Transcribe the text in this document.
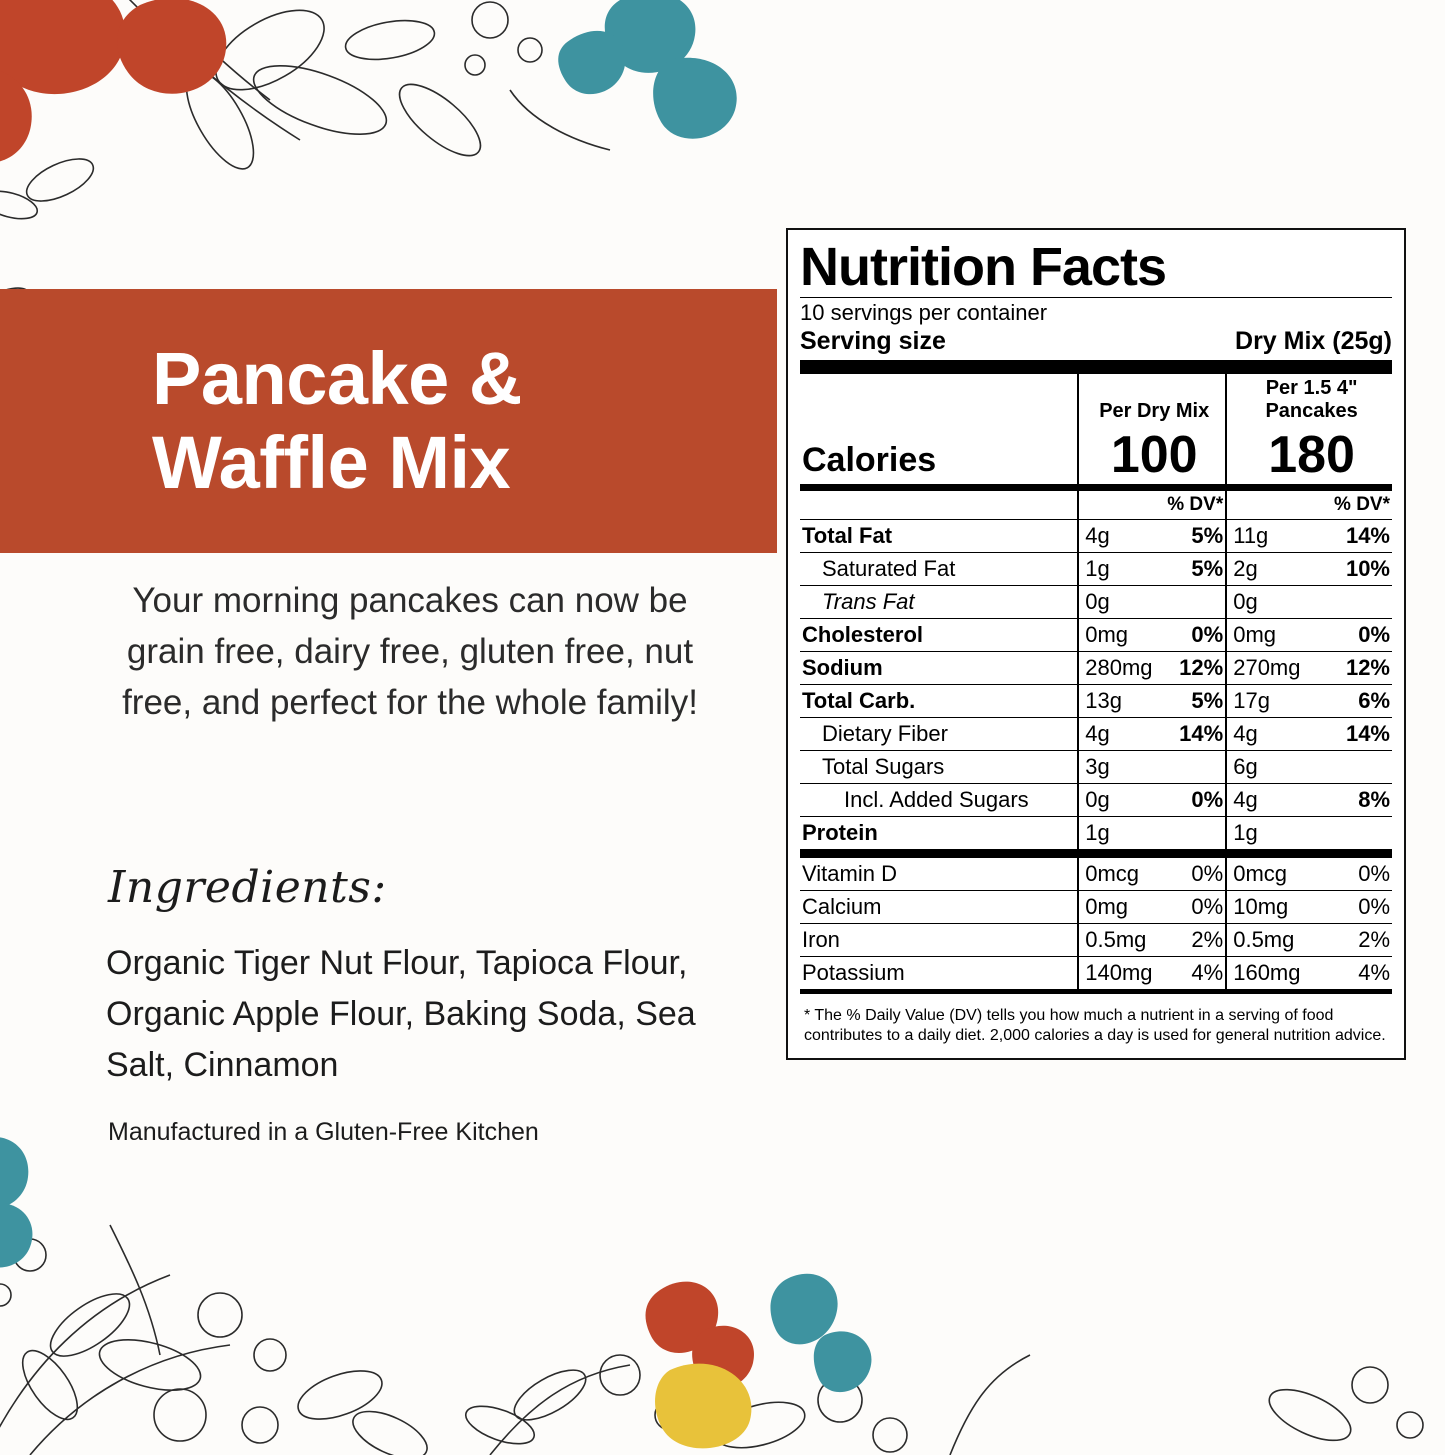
Pancake &
Waffle Mix
Your morning pancakes can now be grain free, dairy free, gluten free, nut free, and perfect for the whole family!
Ingredients:
Organic Tiger Nut Flour, Tapioca Flour, Organic Apple Flour, Baking Soda, Sea Salt, Cinnamon
Manufactured in a Gluten-Free Kitchen
Nutrition Facts
10 servings per container
Serving size	Dry Mix (25g)
	Per Dry Mix	Per 1.5 4" Pancakes
Calories	100	180
		% DV*		% DV*
Total Fat	4g	5%	11g	14%
Saturated Fat	1g	5%	2g	10%
Trans Fat	0g		0g	
Cholesterol	0mg	0%	0mg	0%
Sodium	280mg	12%	270mg	12%
Total Carb.	13g	5%	17g	6%
Dietary Fiber	4g	14%	4g	14%
Total Sugars	3g		6g	
Incl. Added Sugars	0g	0%	4g	8%
Protein	1g		1g	
Vitamin D	0mcg	0%	0mcg	0%
Calcium	0mg	0%	10mg	0%
Iron	0.5mg	2%	0.5mg	2%
Potassium	140mg	4%	160mg	4%
* The % Daily Value (DV) tells you how much a nutrient in a serving of food contributes to a daily diet. 2,000 calories a day is used for general nutrition advice.
